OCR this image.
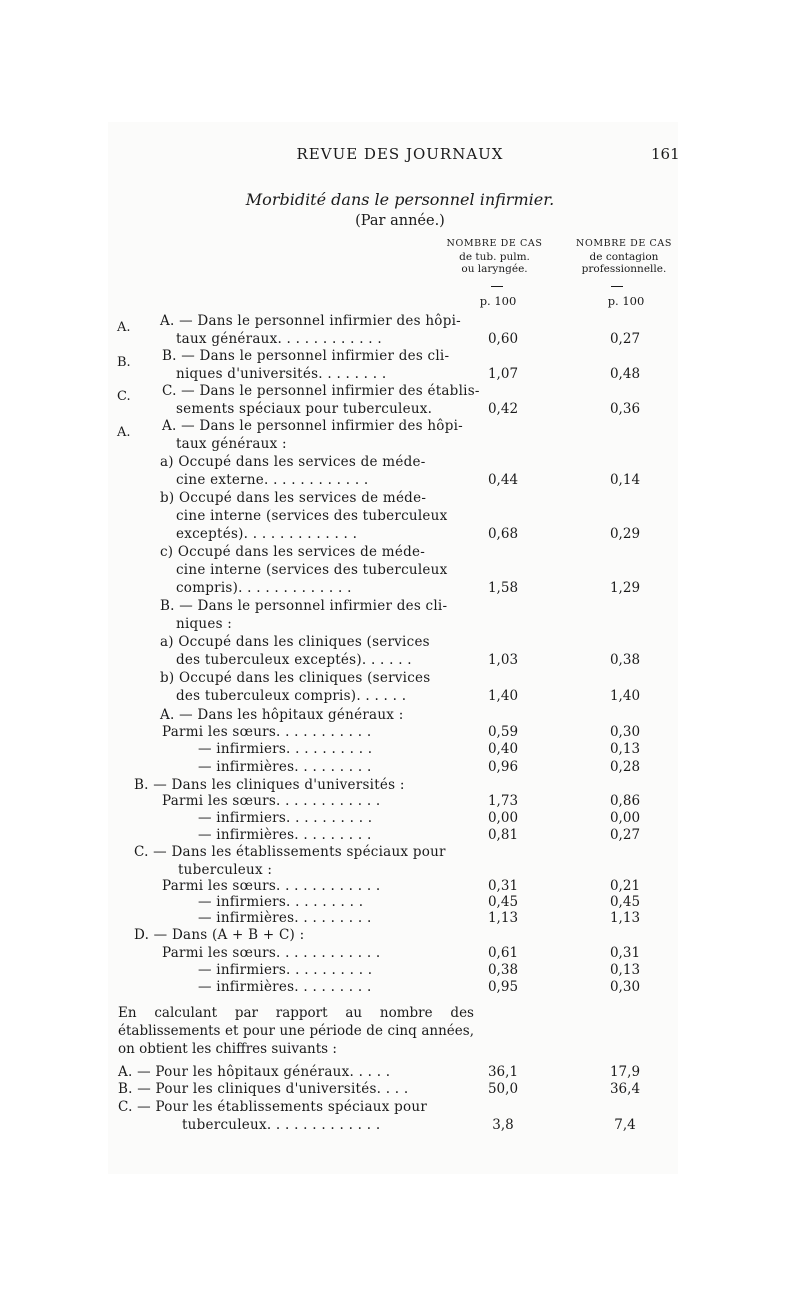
REVUE DES JOURNAUX	161
Morbidité dans le personnel infirmier.
(Par année.)
NOMBRE DE CAS
de tub. pulm.
ou laryngée.
NOMBRE DE CAS
de contagion
professionnelle.
p. 100	p. 100
A.
B.
C.
A.
A. — Dans le personnel infirmier des hôpi-
taux généraux. . . . . . . . . . . .	0,60	0,27
B. — Dans le personnel infirmier des cli-
niques d'universités. . . . . . . .	1,07	0,48
C. — Dans le personnel infirmier des établis-
sements spéciaux pour tuberculeux.	0,42	0,36
A. — Dans le personnel infirmier des hôpi-
taux généraux :
a) Occupé dans les services de méde-
cine externe. . . . . . . . . . . .	0,44	0,14
b) Occupé dans les services de méde-
cine interne (services des tuberculeux
exceptés). . . . . . . . . . . . .	0,68	0,29
c) Occupé dans les services de méde-
cine interne (services des tuberculeux
compris). . . . . . . . . . . . .	1,58	1,29
B. — Dans le personnel infirmier des cli-
niques :
a) Occupé dans les cliniques (services
des tuberculeux exceptés). . . . . .	1,03	0,38
b) Occupé dans les cliniques (services
des tuberculeux compris). . . . . .	1,40	1,40
A. — Dans les hôpitaux généraux :
Parmi les sœurs. . . . . . . . . . .	0,59	0,30
— infirmiers. . . . . . . . . .	0,40	0,13
— infirmières. . . . . . . . .	0,96	0,28
B. — Dans les cliniques d'universités :
Parmi les sœurs. . . . . . . . . . . .	1,73	0,86
— infirmiers. . . . . . . . . .	0,00	0,00
— infirmières. . . . . . . . .	0,81	0,27
C. — Dans les établissements spéciaux pour
tuberculeux :
Parmi les sœurs. . . . . . . . . . . .	0,31	0,21
— infirmiers. . . . . . . . .	0,45	0,45
— infirmières. . . . . . . . .	1,13	1,13
D. — Dans (A + B + C) :
Parmi les sœurs. . . . . . . . . . . .	0,61	0,31
— infirmiers. . . . . . . . . .	0,38	0,13
— infirmières. . . . . . . . .	0,95	0,30
En calculant par rapport au nombre des établissements et pour une période de cinq années, on obtient les chiffres suivants :
A. — Pour les hôpitaux généraux. . . . .	36,1	17,9
B. — Pour les cliniques d'universités. . . .	50,0	36,4
C. — Pour les établissements spéciaux pour
tuberculeux. . . . . . . . . . . . .	3,8	7,4
